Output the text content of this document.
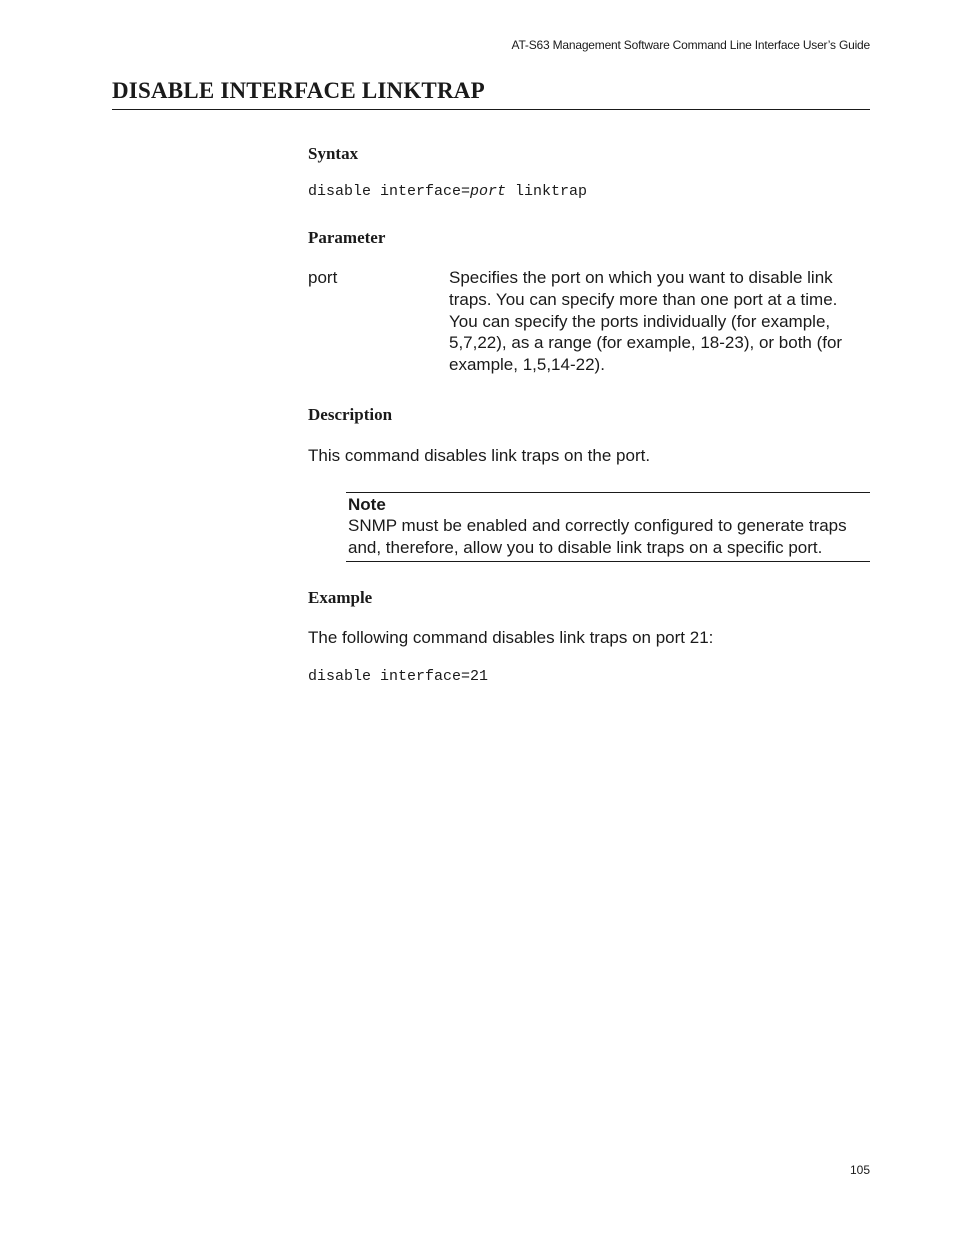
AT-S63 Management Software Command Line Interface User’s Guide
DISABLE INTERFACE LINKTRAP
Syntax
disable interface=port linktrap
Parameter
port	Specifies the port on which you want to disable link
traps. You can specify more than one port at a time.
You can specify the ports individually (for example,
5,7,22), as a range (for example, 18-23), or both (for
example, 1,5,14-22).
Description
This command disables link traps on the port.
Note
SNMP must be enabled and correctly configured to generate traps
and, therefore, allow you to disable link traps on a specific port.
Example
The following command disables link traps on port 21:
disable interface=21
105
